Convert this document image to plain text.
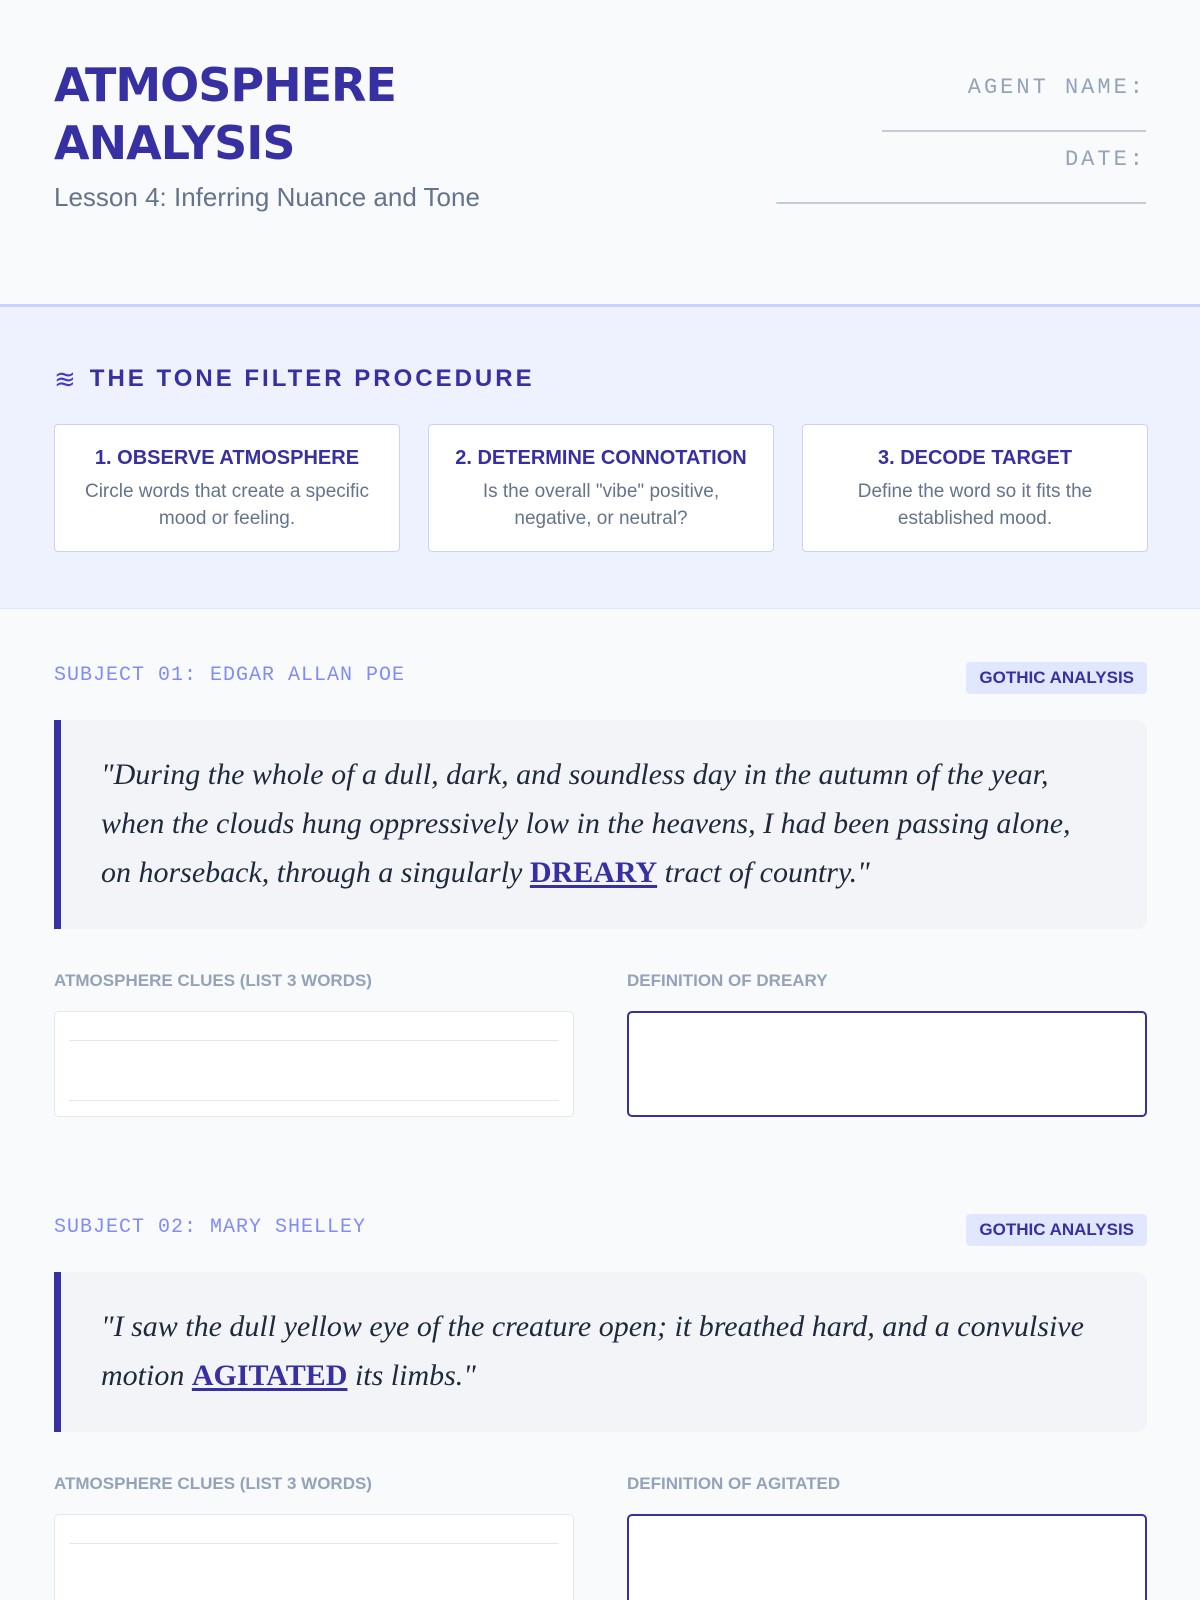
ATMOSPHERE
ANALYSIS
Lesson 4: Inferring Nuance and Tone
AGENT NAME:
____________________
DATE:
____________________________
≋ THE TONE FILTER PROCEDURE
1. OBSERVE ATMOSPHERE
Circle words that create a specific mood or feeling.
2. DETERMINE CONNOTATION
Is the overall "vibe" positive, negative, or neutral?
3. DECODE TARGET
Define the word so it fits the established mood.
SUBJECT 01: EDGAR ALLAN POE	GOTHIC ANALYSIS

"During the whole of a dull, dark, and soundless day in the autumn of the year, when the clouds hung oppressively low in the heavens, I had been passing alone, on horseback, through a singularly DREARY tract of country."

ATMOSPHERE CLUES (LIST 3 WORDS)	DEFINITION OF DREARY
SUBJECT 02: MARY SHELLEY	GOTHIC ANALYSIS

"I saw the dull yellow eye of the creature open; it breathed hard, and a convulsive motion AGITATED its limbs."

ATMOSPHERE CLUES (LIST 3 WORDS)	DEFINITION OF AGITATED
